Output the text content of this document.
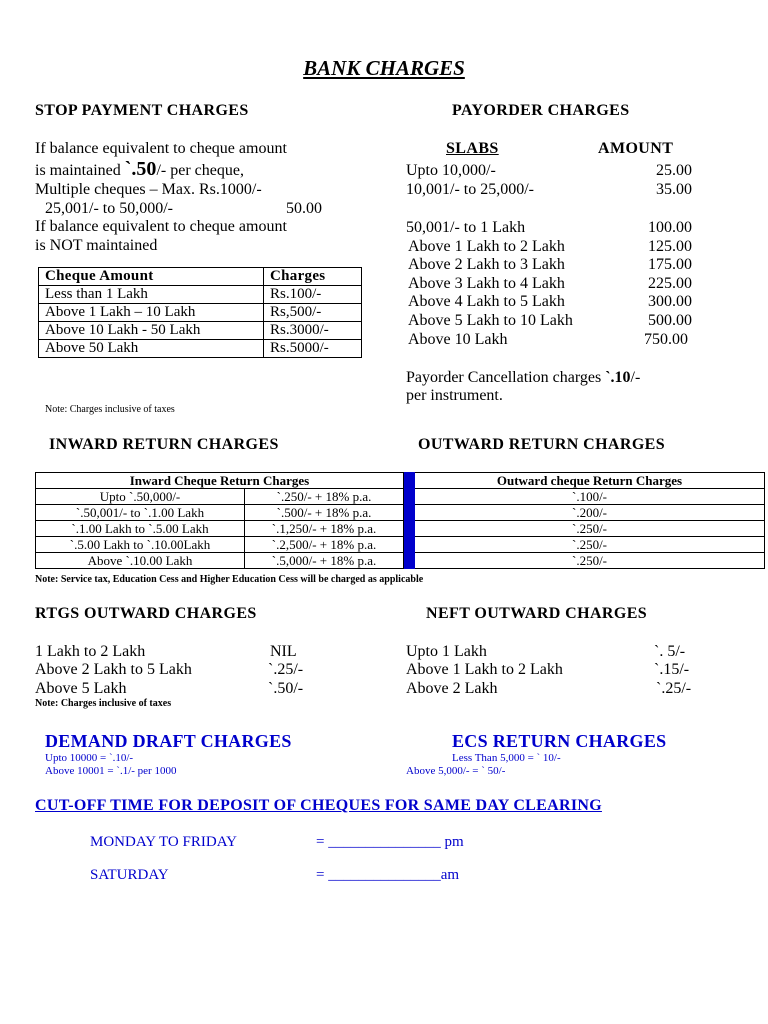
BANK CHARGES
STOP PAYMENT CHARGES
If balance equivalent to cheque amount
is maintained `.50/- per cheque,
Multiple cheques – Max. Rs.1000/-
25,001/- to 50,000/-	50.00
If balance equivalent to cheque amount
is NOT maintained
Cheque Amount	Charges
Less than 1 Lakh	Rs.100/-
Above 1 Lakh – 10 Lakh	Rs,500/-
Above 10 Lakh - 50 Lakh	Rs.3000/-
Above 50 Lakh	Rs.5000/-
Note: Charges inclusive of taxes
PAYORDER CHARGES
SLABS	AMOUNT
Upto 10,000/-	25.00
10,001/- to 25,000/-	35.00
50,001/- to 1 Lakh	100.00
Above 1 Lakh to 2 Lakh	125.00
Above 2 Lakh to 3 Lakh	175.00
Above 3 Lakh to 4 Lakh	225.00
Above 4 Lakh to 5 Lakh	300.00
Above 5 Lakh to 10 Lakh	500.00
Above 10 Lakh	750.00
Payorder Cancellation charges `.10/-
per instrument.
INWARD RETURN CHARGES	OUTWARD RETURN CHARGES
Inward Cheque Return Charges			Outward cheque Return Charges
Upto `.50,000/-	`.250/- + 18% p.a.		`.100/-
`.50,001/- to `.1.00 Lakh	`.500/- + 18% p.a.		`.200/-
`.1.00 Lakh to `.5.00 Lakh	`.1,250/- + 18% p.a.		`.250/-
`.5.00 Lakh to `.10.00Lakh	`.2,500/- + 18% p.a.		`.250/-
Above `.10.00 Lakh	`.5,000/- + 18% p.a.		`.250/-
Note: Service tax, Education Cess and Higher Education Cess will be charged as applicable
RTGS OUTWARD CHARGES
1 Lakh to 2 Lakh	NIL
Above 2 Lakh to 5 Lakh	`.25/-
Above 5 Lakh	`.50/-
Note: Charges inclusive of taxes
NEFT OUTWARD CHARGES
Upto 1 Lakh	`. 5/-
Above 1 Lakh to 2 Lakh	`.15/-
Above 2 Lakh	`.25/-
DEMAND DRAFT CHARGES
Upto 10000 = `.10/-
Above 10001 = `.1/- per 1000
ECS RETURN CHARGES
Less Than 5,000 = ` 10/-
Above 5,000/- = ` 50/-
CUT-OFF TIME FOR DEPOSIT OF CHEQUES FOR SAME DAY CLEARING
MONDAY TO FRIDAY	= _______________ pm
SATURDAY	= _______________am
